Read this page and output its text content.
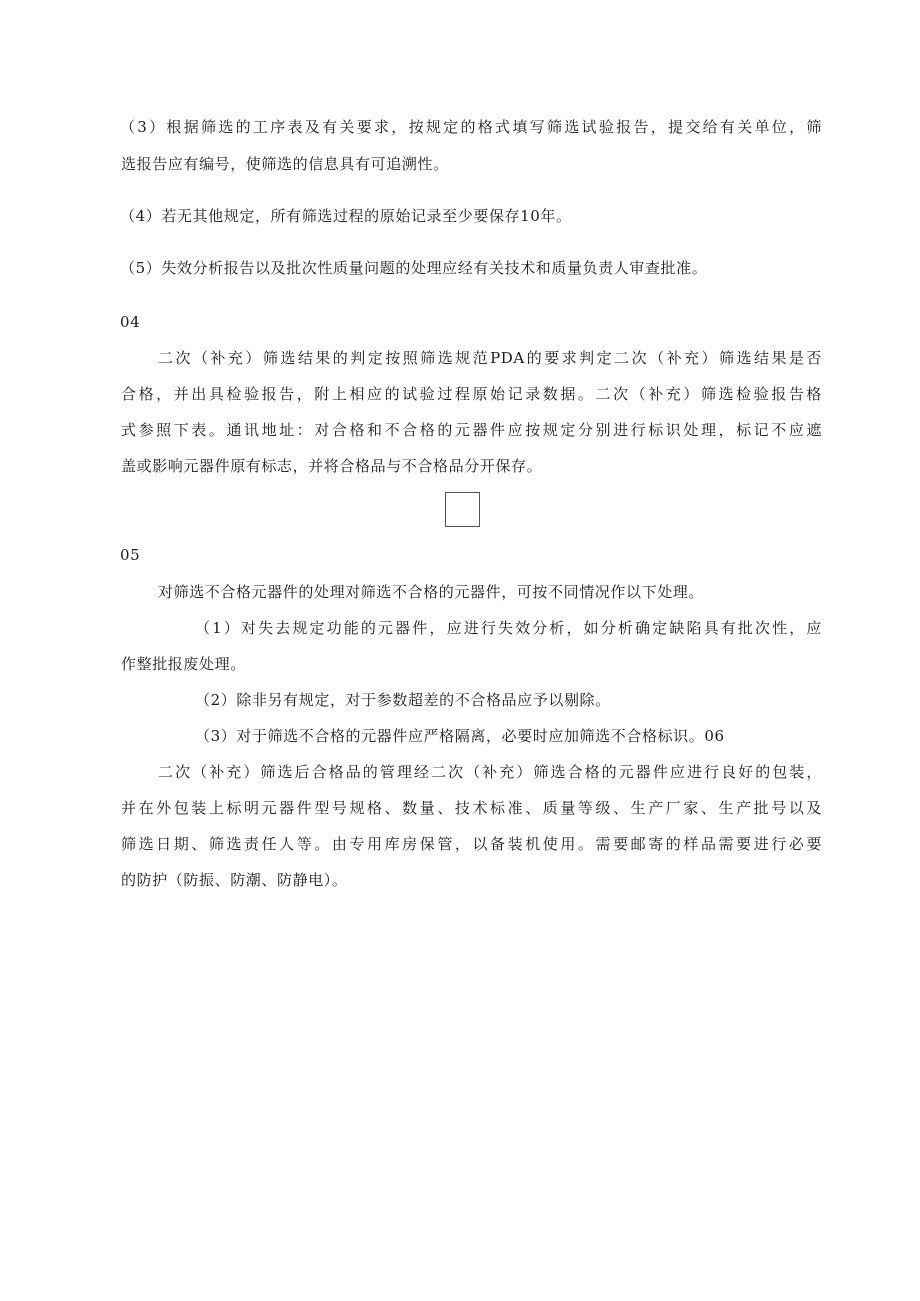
（3）根据筛选的工序表及有关要求，按规定的格式填写筛选试验报告，提交给有关单位，筛
选报告应有编号，使筛选的信息具有可追溯性。
（4）若无其他规定，所有筛选过程的原始记录至少要保存10年。
（5）失效分析报告以及批次性质量问题的处理应经有关技术和质量负责人审查批准。
04
二次（补充）筛选结果的判定按照筛选规范PDA的要求判定二次（补充）筛选结果是否
合格，并出具检验报告，附上相应的试验过程原始记录数据。二次（补充）筛选检验报告格
式参照下表。通讯地址：对合格和不合格的元器件应按规定分别进行标识处理，标记不应遮
盖或影响元器件原有标志，并将合格品与不合格品分开保存。
05
对筛选不合格元器件的处理对筛选不合格的元器件，可按不同情况作以下处理。
（1）对失去规定功能的元器件，应进行失效分析，如分析确定缺陷具有批次性，应
作整批报废处理。
（2）除非另有规定，对于参数超差的不合格品应予以剔除。
（3）对于筛选不合格的元器件应严格隔离，必要时应加筛选不合格标识。06
二次（补充）筛选后合格品的管理经二次（补充）筛选合格的元器件应进行良好的包装，
并在外包装上标明元器件型号规格、数量、技术标准、质量等级、生产厂家、生产批号以及
筛选日期、筛选责任人等。由专用库房保管，以备装机使用。需要邮寄的样品需要进行必要
的防护（防振、防潮、防静电）。
